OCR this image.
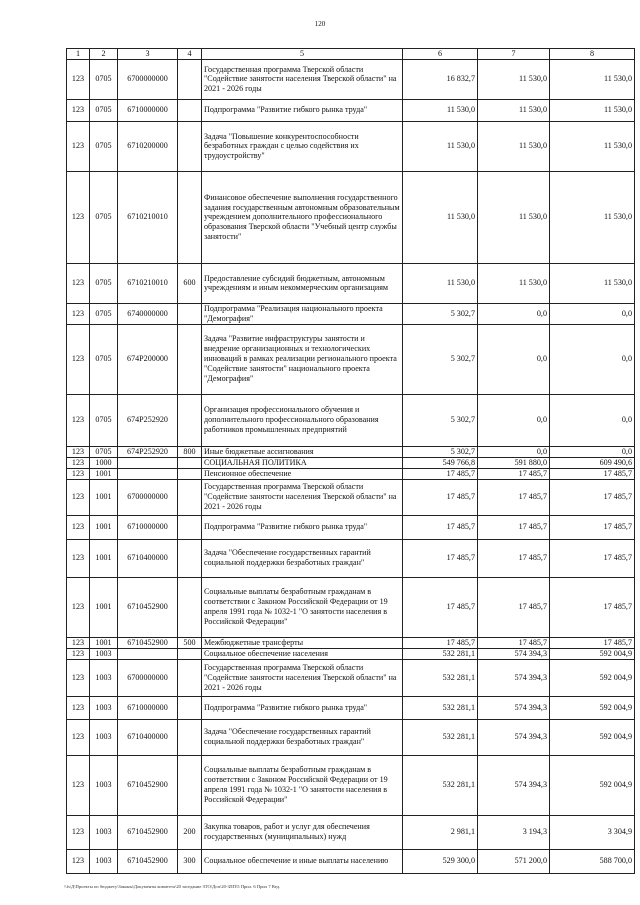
120
1	2	3	4	5	6	7	8
123	0705	6700000000		Государственная программа Тверской области "Содействие занятости населения Тверской области" на 2021 - 2026 годы	16 832,7	11 530,0	11 530,0
123	0705	6710000000		Подпрограмма "Развитие гибкого рынка труда"	11 530,0	11 530,0	11 530,0
123	0705	6710200000		Задача "Повышение конкурентоспособности безработных граждан с целью содействия их трудоустройству"	11 530,0	11 530,0	11 530,0
123	0705	6710210010		Финансовое обеспечение выполнения государственного задания государственным автономным образовательным учреждением дополнительного профессионального образования Тверской области "Учебный центр службы занятости"	11 530,0	11 530,0	11 530,0
123	0705	6710210010	600	Предоставление субсидий бюджетным, автономным учреждениям и иным некоммерческим организациям	11 530,0	11 530,0	11 530,0
123	0705	6740000000		Подпрограмма "Реализация национального проекта "Демография"	5 302,7	0,0	0,0
123	0705	674P200000		Задача "Развитие инфраструктуры занятости и внедрение организационных и технологических инноваций в рамках реализации регионального проекта "Содействие занятости" национального проекта "Демография"	5 302,7	0,0	0,0
123	0705	674P252920		Организация профессионального обучения и дополнительного профессионального образования работников промышленных предприятий	5 302,7	0,0	0,0
123	0705	674P252920	800	Иные бюджетные ассигнования	5 302,7	0,0	0,0
123	1000			СОЦИАЛЬНАЯ ПОЛИТИКА	549 766,8	591 880,0	609 490,6
123	1001			Пенсионное обеспечение	17 485,7	17 485,7	17 485,7
123	1001	6700000000		Государственная программа Тверской области "Содействие занятости населения Тверской области" на 2021 - 2026 годы	17 485,7	17 485,7	17 485,7
123	1001	6710000000		Подпрограмма "Развитие гибкого рынка труда"	17 485,7	17 485,7	17 485,7
123	1001	6710400000		Задача "Обеспечение государственных гарантий социальной поддержки безработных граждан"	17 485,7	17 485,7	17 485,7
123	1001	6710452900		Социальные выплаты безработным гражданам в соответствии с Законом Российской Федерации от 19 апреля 1991 года № 1032-1 "О занятости населения в Российской Федерации"	17 485,7	17 485,7	17 485,7
123	1001	6710452900	500	Межбюджетные трансферты	17 485,7	17 485,7	17 485,7
123	1003			Социальное обеспечение населения	532 281,1	574 394,3	592 004,9
123	1003	6700000000		Государственная программа Тверской области "Содействие занятости населения Тверской области" на 2021 - 2026 годы	532 281,1	574 394,3	592 004,9
123	1003	6710000000		Подпрограмма "Развитие гибкого рынка труда"	532 281,1	574 394,3	592 004,9
123	1003	6710400000		Задача "Обеспечение государственных гарантий социальной поддержки безработных граждан"	532 281,1	574 394,3	592 004,9
123	1003	6710452900		Социальные выплаты безработным гражданам в соответствии с Законом Российской Федерации от 19 апреля 1991 года № 1032-1 "О занятости населения в Российской Федерации"	532 281,1	574 394,3	592 004,9
123	1003	6710452900	200	Закупка товаров, работ и услуг для обеспечения государственных (муниципальных) нужд	2 981,1	3 194,3	3 304,9
123	1003	6710452900	300	Социальное обеспечение и иные выплаты населению	529 300,0	571 200,0	588 700,0
\\fs\Д\Проекты по бюджету\Законы\Документы комитета\20 заседание ЗТО\Доп\20-ЗЛП\5 Прил. 6 Прил 7 Вед.
